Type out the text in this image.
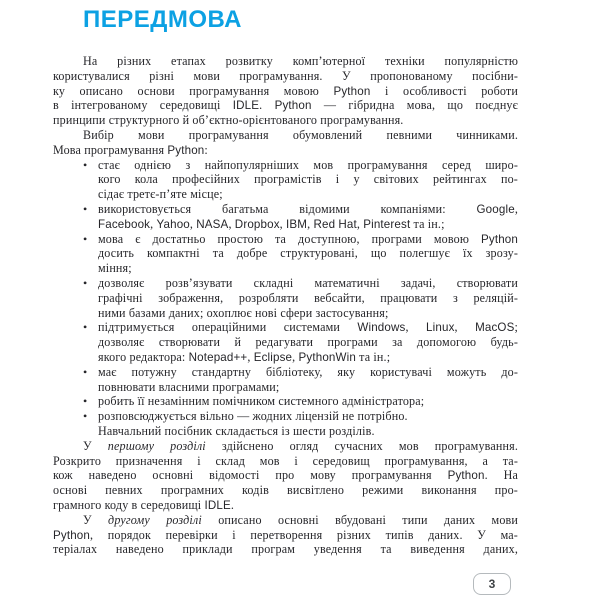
ПЕРЕДМОВА
На різних етапах розвитку комп’ютерної техніки популярністю
користувалися різні мови програмування. У пропонованому посібни-
ку описано основи програмування мовою Python і особливості роботи
в інтегрованому середовищі IDLE. Python — гібридна мова, що поєднує
принципи структурного й об’єктно-орієнтованого програмування.
Вибір мови програмування обумовлений певними чинниками.
Мова програмування Python:
• стає однією з найпопулярніших мов програмування серед широ-
кого кола професійних програмістів і у світових рейтингах по-
сідає третє-п’яте місце;
• використовується багатьма відомими компаніями: Google,
Facebook, Yahoo, NASA, Dropbox, IBM, Red Hat, Pinterest та ін.;
• мова є достатньо простою та доступною, програми мовою Python
досить компактні та добре структуровані, що полегшує їх зрозу-
міння;
• дозволяє розв’язувати складні математичні задачі, створювати
графічні зображення, розробляти вебсайти, працювати з реляцій-
ними базами даних; охоплює нові сфери застосування;
• підтримується операційними системами Windows, Linux, MacOS;
дозволяє створювати й редагувати програми за допомогою будь-
якого редактора: Notepad++, Eclipse, PythonWin та ін.;
• має потужну стандартну бібліотеку, яку користувачі можуть до-
повнювати власними програмами;
• робить її незамінним помічником системного адміністратора;
• розповсюджується вільно — жодних ліцензій не потрібно.
Навчальний посібник складається із шести розділів.
У першому розділі здійснено огляд сучасних мов програмування.
Розкрито призначення і склад мов і середовищ програмування, а та-
кож наведено основні відомості про мову програмування Python. На
основі певних програмних кодів висвітлено режими виконання про-
грамного коду в середовищі IDLE.
У другому розділі описано основні вбудовані типи даних мови
Python, порядок перевірки і перетворення різних типів даних. У ма-
теріалах наведено приклади програм уведення та виведення даних,
3
